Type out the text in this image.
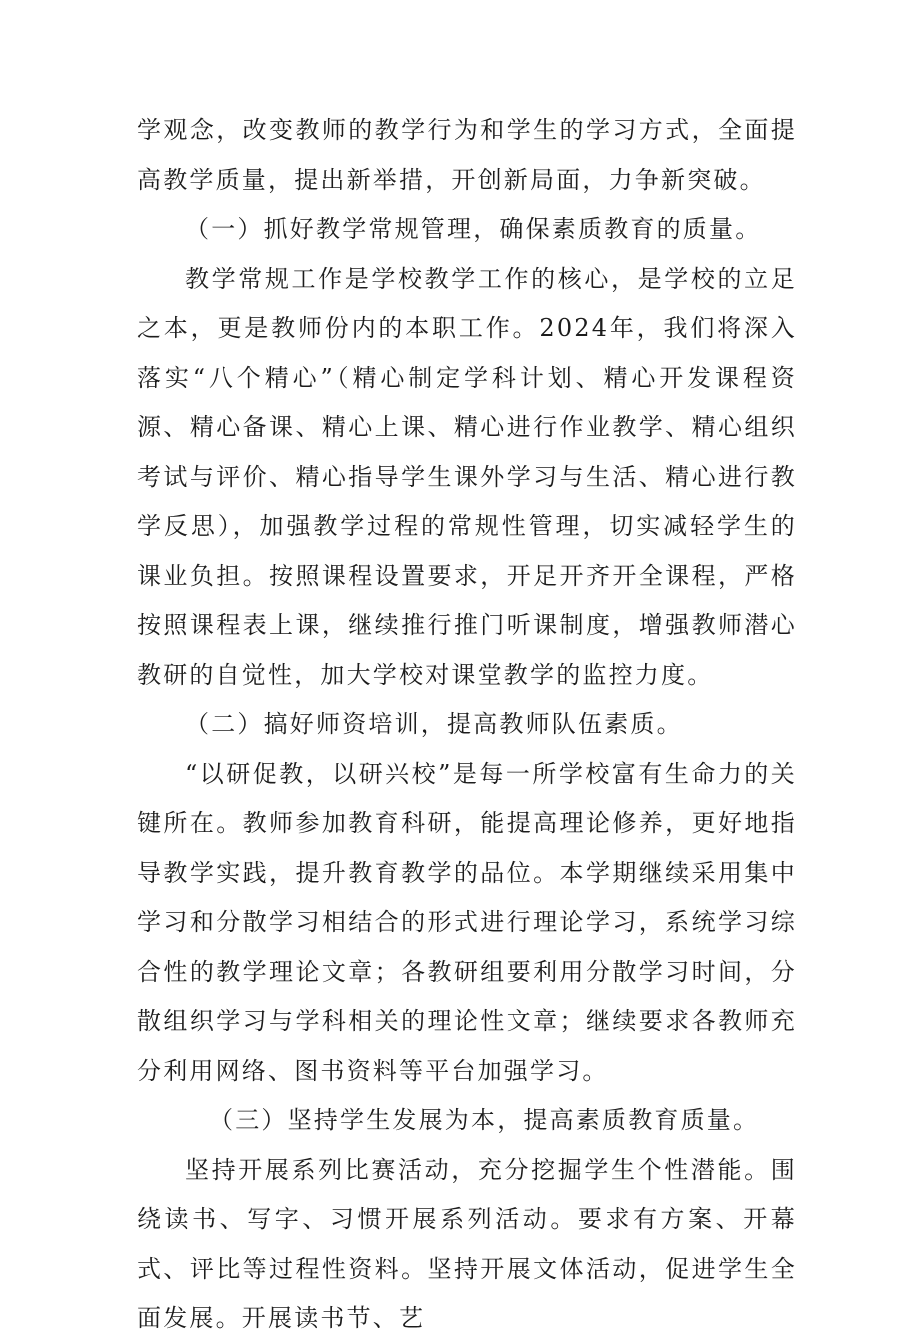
学观念，改变教师的教学行为和学生的学习方式，全面提高教学质量，提出新举措，开创新局面，力争新突破。

（一）抓好教学常规管理，确保素质教育的质量。

教学常规工作是学校教学工作的核心，是学校的立足之本，更是教师份内的本职工作。2024年，我们将深入落实“八个精心”（精心制定学科计划、精心开发课程资源、精心备课、精心上课、精心进行作业教学、精心组织考试与评价、精心指导学生课外学习与生活、精心进行教学反思），加强教学过程的常规性管理，切实减轻学生的课业负担。按照课程设置要求，开足开齐开全课程，严格按照课程表上课，继续推行推门听课制度，增强教师潜心教研的自觉性，加大学校对课堂教学的监控力度。

（二）搞好师资培训，提高教师队伍素质。

“以研促教，以研兴校”是每一所学校富有生命力的关键所在。教师参加教育科研，能提高理论修养，更好地指导教学实践，提升教育教学的品位。本学期继续采用集中学习和分散学习相结合的形式进行理论学习，系统学习综合性的教学理论文章；各教研组要利用分散学习时间，分散组织学习与学科相关的理论性文章；继续要求各教师充分利用网络、图书资料等平台加强学习。

（三）坚持学生发展为本，提高素质教育质量。

坚持开展系列比赛活动，充分挖掘学生个性潜能。围绕读书、写字、习惯开展系列活动。要求有方案、开幕式、评比等过程性资料。坚持开展文体活动，促进学生全面发展。开展读书节、艺
